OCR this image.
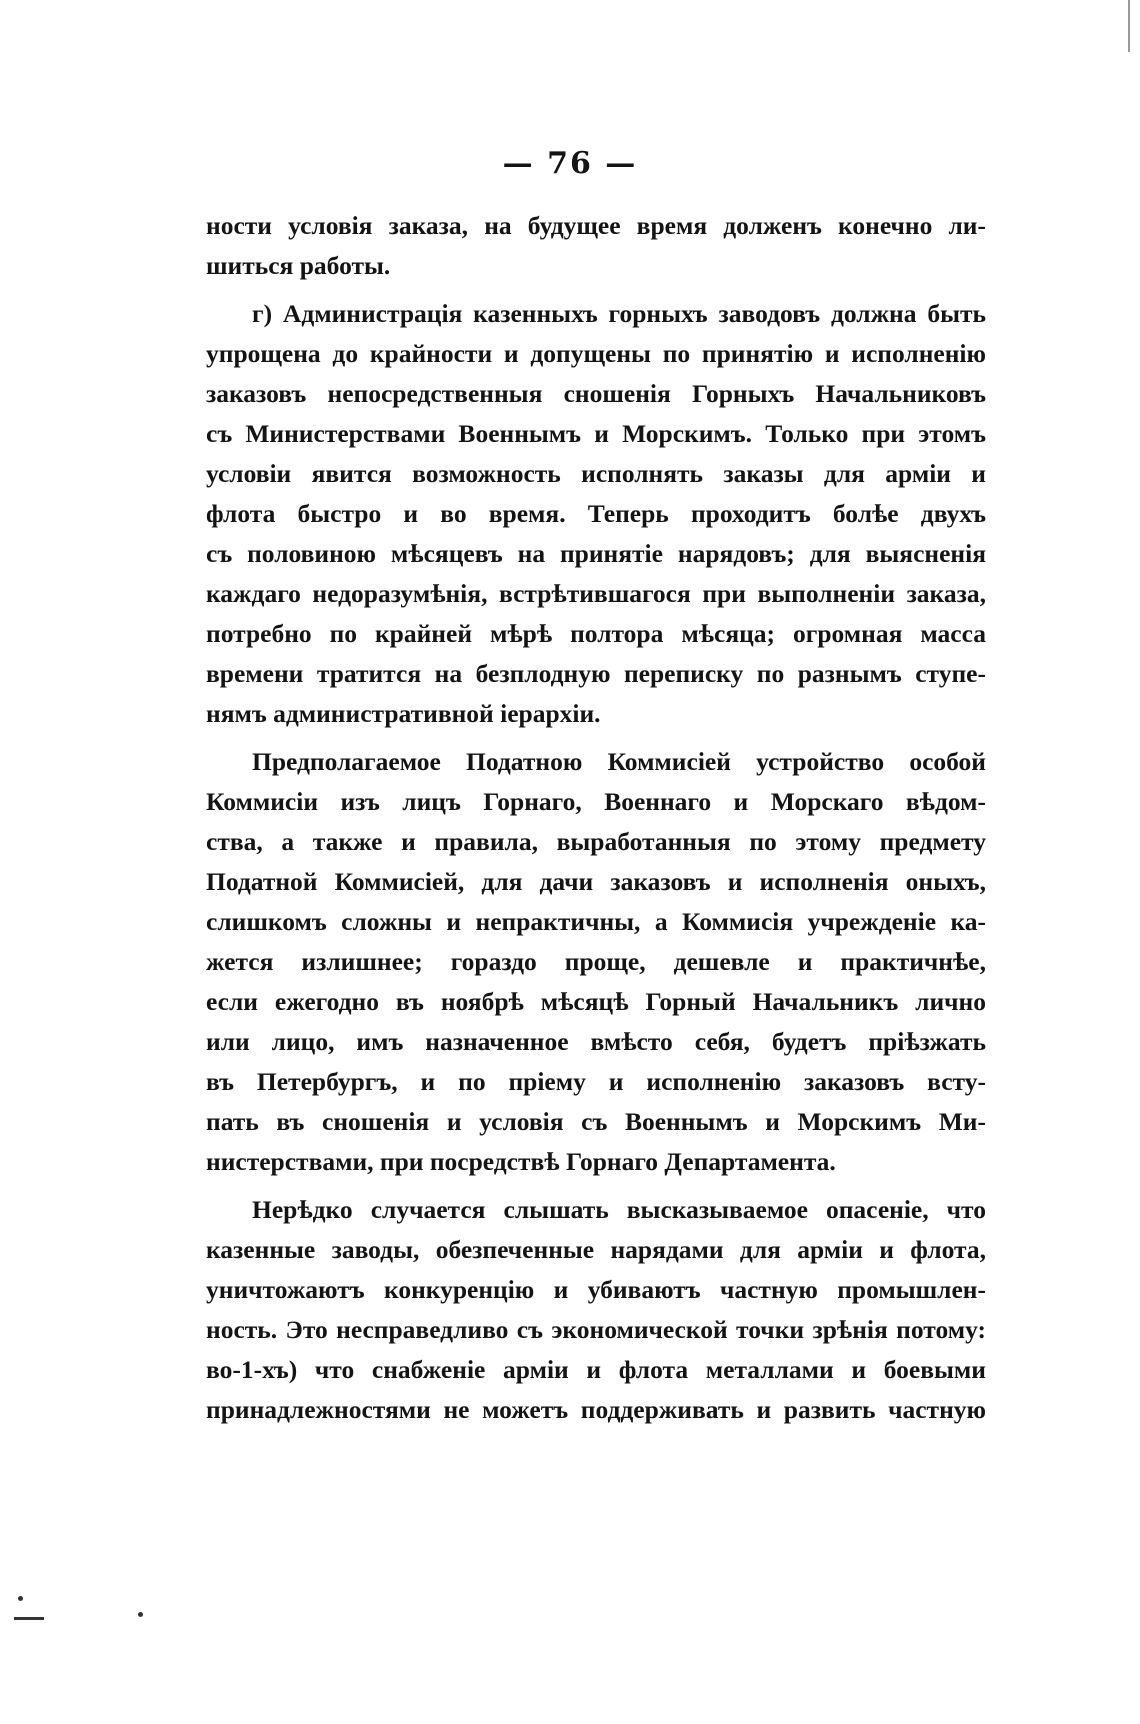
— 76 —
ности условія заказа, на будущее время долженъ конечно ли-
шиться работы.
г) Администрація казенныхъ горныхъ заводовъ должна быть
упрощена до крайности и допущены по принятію и исполненію
заказовъ непосредственныя сношенія Горныхъ Начальниковъ
съ Министерствами Военнымъ и Морскимъ. Только при этомъ
условіи явится возможность исполнять заказы для арміи и
флота быстро и во время. Теперь проходитъ болѣе двухъ
съ половиною мѣсяцевъ на принятіе нарядовъ; для выясненія
каждаго недоразумѣнія, встрѣтившагося при выполненіи заказа,
потребно по крайней мѣрѣ полтора мѣсяца; огромная масса
времени тратится на безплодную переписку по разнымъ ступе-
нямъ административной іерархіи.
Предполагаемое Податною Коммисіей устройство особой
Коммисіи изъ лицъ Горнаго, Военнаго и Морскаго вѣдом-
ства, а также и правила, выработанныя по этому предмету
Податной Коммисіей, для дачи заказовъ и исполненія оныхъ,
слишкомъ сложны и непрактичны, а Коммисія учрежденіе ка-
жется излишнее; гораздо проще, дешевле и практичнѣе,
если ежегодно въ ноябрѣ мѣсяцѣ Горный Начальникъ лично
или лицо, имъ назначенное вмѣсто себя, будетъ пріѣзжать
въ Петербургъ, и по пріему и исполненію заказовъ всту-
пать въ сношенія и условія съ Военнымъ и Морскимъ Ми-
нистерствами, при посредствѣ Горнаго Департамента.
Нерѣдко случается слышать высказываемое опасеніе, что
казенные заводы, обезпеченные нарядами для арміи и флота,
уничтожаютъ конкуренцію и убиваютъ частную промышлен-
ность. Это несправедливо съ экономической точки зрѣнія потому:
во-1-хъ) что снабженіе арміи и флота металлами и боевыми
принадлежностями не можетъ поддерживать и развить частную
